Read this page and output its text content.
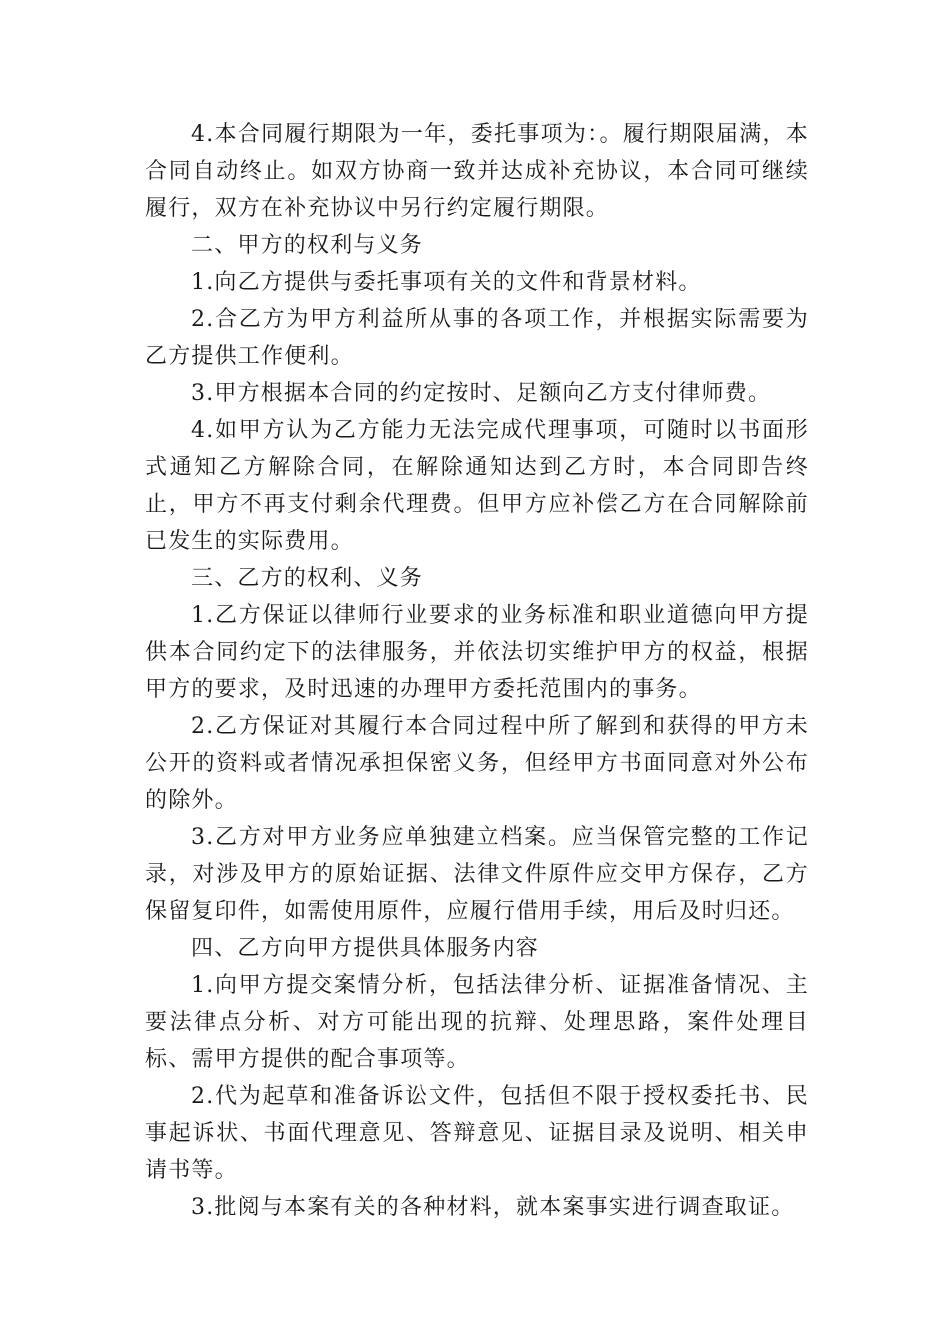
4.本合同履行期限为一年，委托事项为：。履行期限届满，本合同自动终止。如双方协商一致并达成补充协议，本合同可继续履行，双方在补充协议中另行约定履行期限。

二、甲方的权利与义务

1.向乙方提供与委托事项有关的文件和背景材料。

2.合乙方为甲方利益所从事的各项工作，并根据实际需要为乙方提供工作便利。

3.甲方根据本合同的约定按时、足额向乙方支付律师费。

4.如甲方认为乙方能力无法完成代理事项，可随时以书面形式通知乙方解除合同，在解除通知达到乙方时，本合同即告终止，甲方不再支付剩余代理费。但甲方应补偿乙方在合同解除前已发生的实际费用。

三、乙方的权利、义务

1.乙方保证以律师行业要求的业务标准和职业道德向甲方提供本合同约定下的法律服务，并依法切实维护甲方的权益，根据甲方的要求，及时迅速的办理甲方委托范围内的事务。

2.乙方保证对其履行本合同过程中所了解到和获得的甲方未公开的资料或者情况承担保密义务，但经甲方书面同意对外公布的除外。

3.乙方对甲方业务应单独建立档案。应当保管完整的工作记录，对涉及甲方的原始证据、法律文件原件应交甲方保存，乙方保留复印件，如需使用原件，应履行借用手续，用后及时归还。

四、乙方向甲方提供具体服务内容

1.向甲方提交案情分析，包括法律分析、证据准备情况、主要法律点分析、对方可能出现的抗辩、处理思路，案件处理目标、需甲方提供的配合事项等。

2.代为起草和准备诉讼文件，包括但不限于授权委托书、民事起诉状、书面代理意见、答辩意见、证据目录及说明、相关申请书等。

3.批阅与本案有关的各种材料，就本案事实进行调查取证。
